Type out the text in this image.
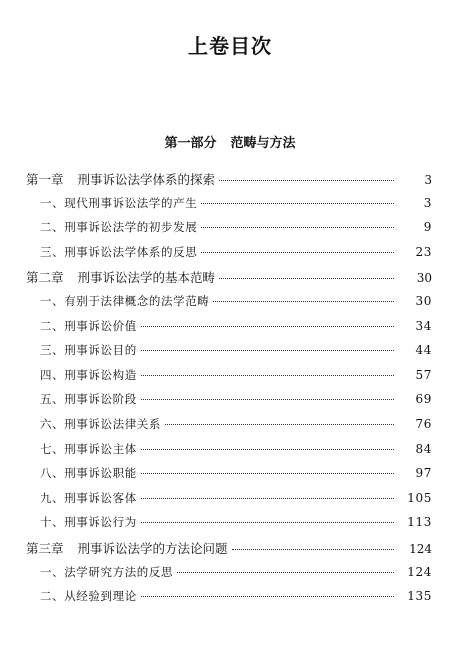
上卷目次
第一部分 范畴与方法
第一章 刑事诉讼法学体系的探索	3
一、现代刑事诉讼法学的产生	3
二、刑事诉讼法学的初步发展	9
三、刑事诉讼法学体系的反思	23
第二章 刑事诉讼法学的基本范畴	30
一、有别于法律概念的法学范畴	30
二、刑事诉讼价值	34
三、刑事诉讼目的	44
四、刑事诉讼构造	57
五、刑事诉讼阶段	69
六、刑事诉讼法律关系	76
七、刑事诉讼主体	84
八、刑事诉讼职能	97
九、刑事诉讼客体	105
十、刑事诉讼行为	113
第三章 刑事诉讼法学的方法论问题	124
一、法学研究方法的反思	124
二、从经验到理论	135
